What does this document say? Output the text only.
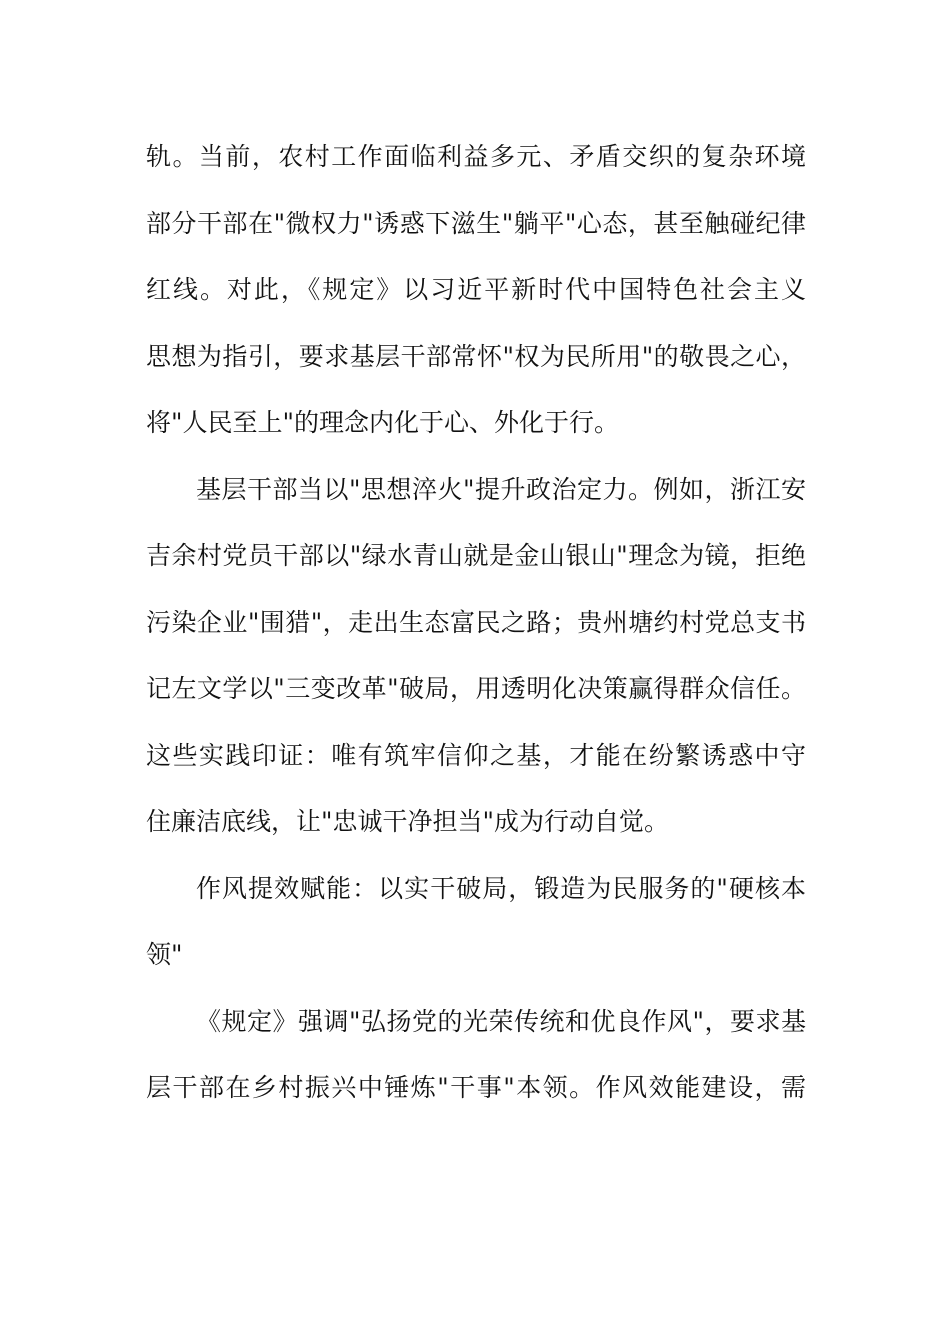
轨。当前，农村工作面临利益多元、矛盾交织的复杂环境
部分干部在"微权力"诱惑下滋生"躺平"心态，甚至触碰纪律
红线。对此，《规定》以习近平新时代中国特色社会主义
思想为指引，要求基层干部常怀"权为民所用"的敬畏之心，
将"人民至上"的理念内化于心、外化于行。
基层干部当以"思想淬火"提升政治定力。例如，浙江安
吉余村党员干部以"绿水青山就是金山银山"理念为镜，拒绝
污染企业"围猎"，走出生态富民之路；贵州塘约村党总支书
记左文学以"三变改革"破局，用透明化决策赢得群众信任。
这些实践印证：唯有筑牢信仰之基，才能在纷繁诱惑中守
住廉洁底线，让"忠诚干净担当"成为行动自觉。
作风提效赋能：以实干破局，锻造为民服务的"硬核本
领"
《规定》强调"弘扬党的光荣传统和优良作风"，要求基
层干部在乡村振兴中锤炼"干事"本领。作风效能建设，需
